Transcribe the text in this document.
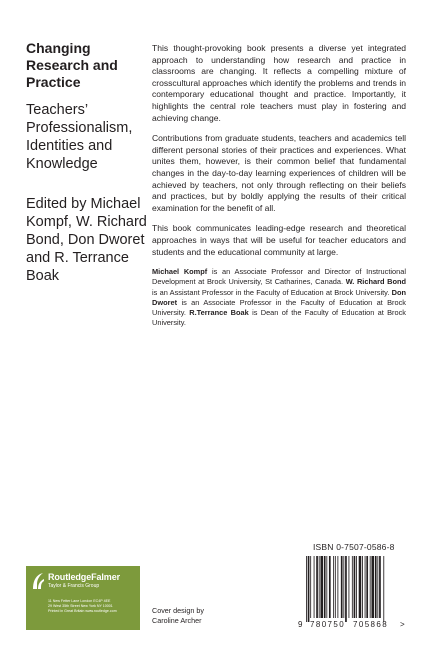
Changing
Research and
Practice
Teachers’ Professionalism, Identities and Knowledge
Edited by Michael Kompf, W. Richard Bond, Don Dworet and R. Terrance Boak

This thought-provoking book presents a diverse yet integrated approach to understanding how research and practice in classrooms are changing. It reflects a compelling mixture of crosscultural approaches which identify the problems and trends in contemporary educational thought and practice. Importantly, it highlights the central role teachers must play in fostering and achieving change.

Contributions from graduate students, teachers and academics tell different personal stories of their practices and experiences. What unites them, however, is their common belief that fundamental changes in the day-to-day learning experiences of children will be achieved by teachers, not only through reflecting on their beliefs and practices, but by boldly applying the results of their critical examination for the benefit of all.

This book communicates leading-edge research and theoretical approaches in ways that will be useful for teacher educators and students and the educational community at large.

Michael Kompf is an Associate Professor and Director of Instructional Development at Brock University, St Catharines, Canada. W. Richard Bond is an Assistant Professor in the Faculty of Education at Brock University. Don Dworet is an Associate Professor in the Faculty of Education at Brock University. R.Terrance Boak is Dean of the Faculty of Education at Brock University.
ISBN 0-7507-0586-8
9 780750 705868 >
RoutledgeFalmer
Taylor & Francis Group
11 New Fetter Lane London EC4P 4EE
29 West 35th Street New York NY 10001
Printed in Great Britain www.routledge.com	Cover design by
Caroline Archer
